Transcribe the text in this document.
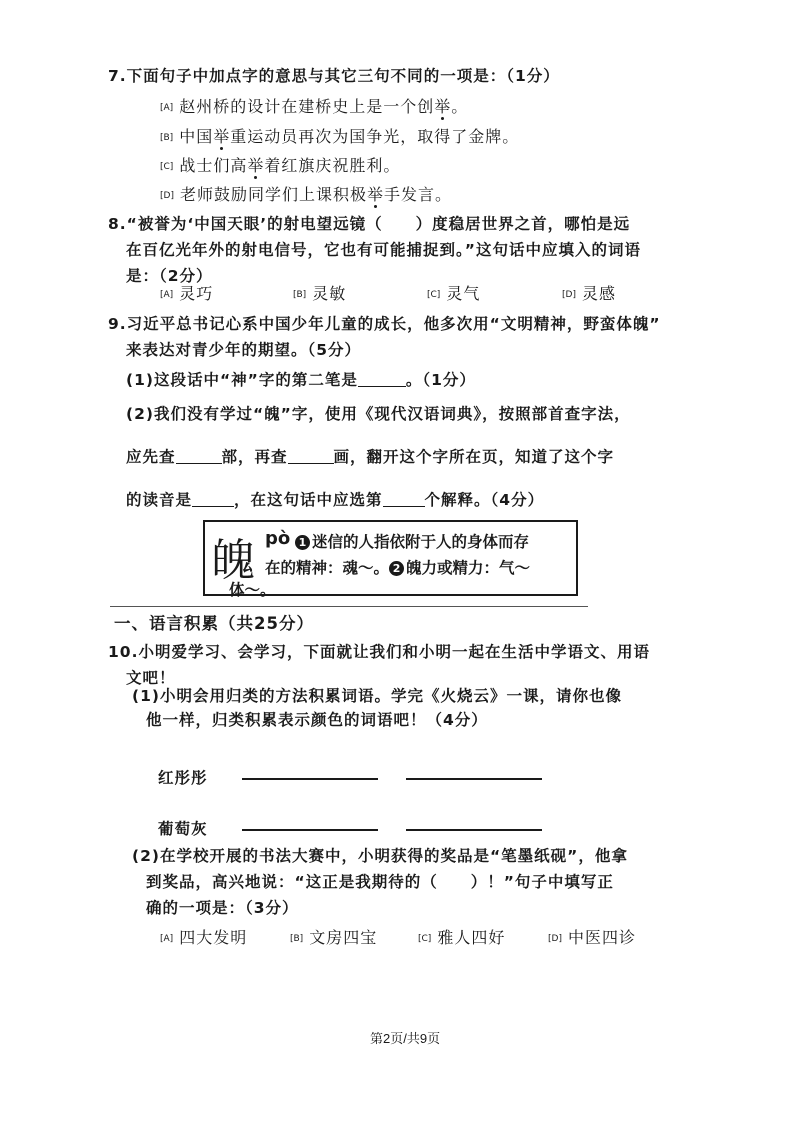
7.下面句子中加点字的意思与其它三句不同的一项是：（1分）
[A] 赵州桥的设计在建桥史上是一个创举。
[B] 中国举重运动员再次为国争光，取得了金牌。
[C] 战士们高举着红旗庆祝胜利。
[D] 老师鼓励同学们上课积极举手发言。
8.“被誉为‘中国天眼’的射电望远镜（　　）度稳居世界之首，哪怕是远
在百亿光年外的射电信号，它也有可能捕捉到。”这句话中应填入的词语
是：（2分）
[A] 灵巧	[B] 灵敏	[C] 灵气	[D] 灵感
9.习近平总书记心系中国少年儿童的成长，他多次用“文明精神，野蛮体魄”
来表达对青少年的期望。（5分）
(1)这段话中“神”字的第二笔是	。（1分）
(2)我们没有学过“魄”字，使用《现代汉语词典》，按照部首查字法，
应先查	部，再查	画，翻开这个字所在页，知道了这个字
的读音是	，在这句话中应选第	个解释。（4分）
魄 pò 1 迷信的人指依附于人的身体而存
在的精神：魂～。 2 魄力或精力：气～
体～。
一、语言积累（共25分）
10.小明爱学习、会学习，下面就让我们和小明一起在生活中学语文、用语
文吧！
(1)小明会用归类的方法积累词语。学完《火烧云》一课，请你也像
他一样，归类积累表示颜色的词语吧！（4分）
红彤彤
葡萄灰
(2)在学校开展的书法大赛中，小明获得的奖品是“笔墨纸砚”，他拿
到奖品，高兴地说：“这正是我期待的（　　）！”句子中填写正
确的一项是：（3分）
[A] 四大发明	[B] 文房四宝	[C] 雅人四好	[D] 中医四诊
第2页/共9页
